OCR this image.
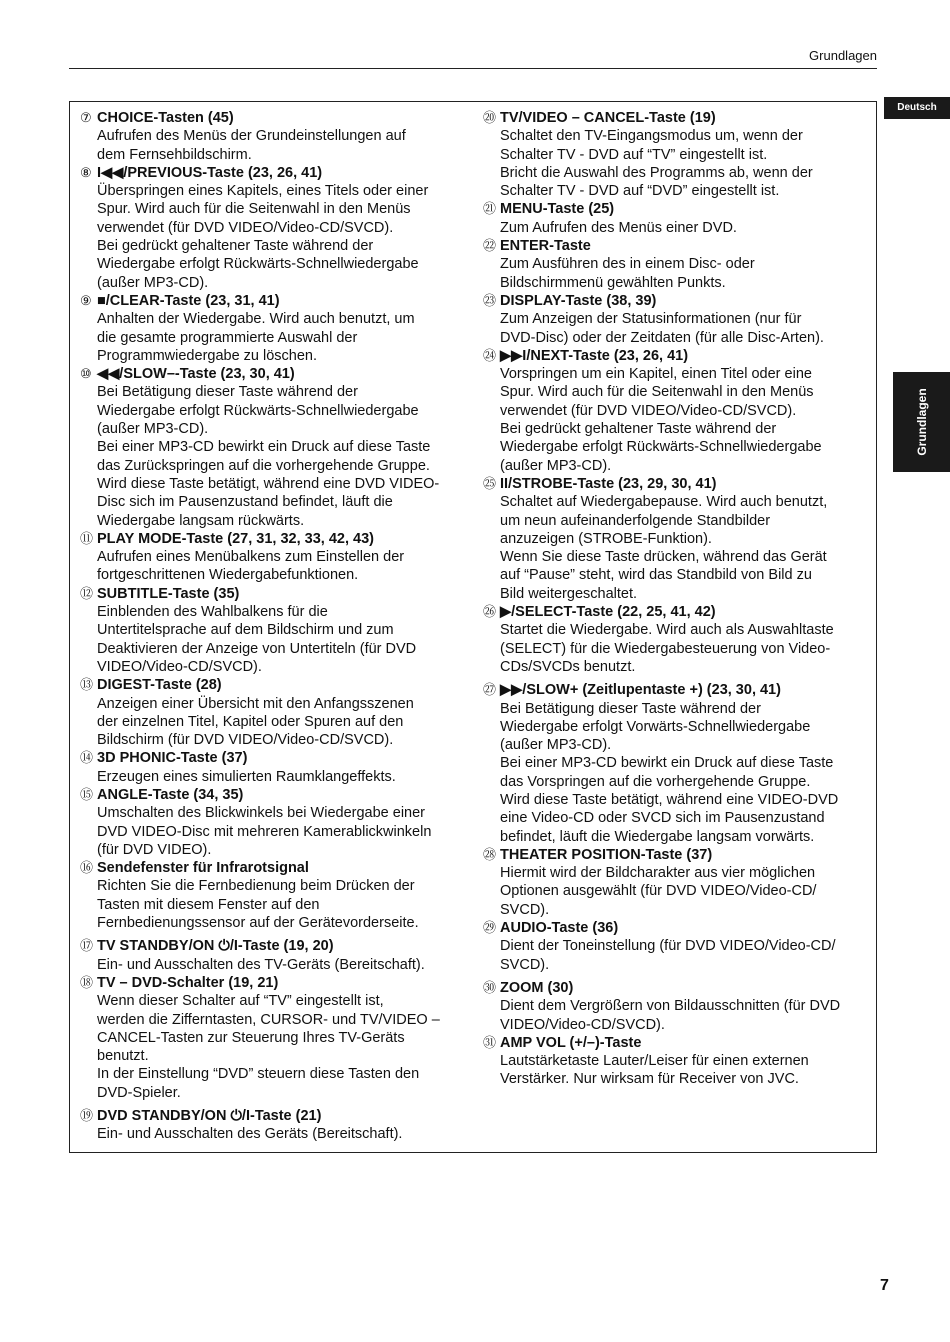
Grundlagen
Deutsch
Grundlagen
⑦ CHOICE-Tasten (45)
Aufrufen des Menüs der Grundeinstellungen auf
dem Fernsehbildschirm.
⑧ I◀◀/PREVIOUS-Taste (23, 26, 41)
Überspringen eines Kapitels, eines Titels oder einer
Spur. Wird auch für die Seitenwahl in den Menüs
verwendet (für DVD VIDEO/Video-CD/SVCD).
Bei gedrückt gehaltener Taste während der
Wiedergabe erfolgt Rückwärts-Schnellwiedergabe
(außer MP3-CD).
⑨ ■/CLEAR-Taste (23, 31, 41)
Anhalten der Wiedergabe. Wird auch benutzt, um
die gesamte programmierte Auswahl der
Programmwiedergabe zu löschen.
⑩ ◀◀/SLOW–-Taste (23, 30, 41)
Bei Betätigung dieser Taste während der
Wiedergabe erfolgt Rückwärts-Schnellwiedergabe
(außer MP3-CD).
Bei einer MP3-CD bewirkt ein Druck auf diese Taste
das Zurückspringen auf die vorhergehende Gruppe.
Wird diese Taste betätigt, während eine DVD VIDEO-
Disc sich im Pausenzustand befindet, läuft die
Wiedergabe langsam rückwärts.
⑪ PLAY MODE-Taste (27, 31, 32, 33, 42, 43)
Aufrufen eines Menübalkens zum Einstellen der
fortgeschrittenen Wiedergabefunktionen.
⑫ SUBTITLE-Taste (35)
Einblenden des Wahlbalkens für die
Untertitelsprache auf dem Bildschirm und zum
Deaktivieren der Anzeige von Untertiteln (für DVD
VIDEO/Video-CD/SVCD).
⑬ DIGEST-Taste (28)
Anzeigen einer Übersicht mit den Anfangsszenen
der einzelnen Titel, Kapitel oder Spuren auf den
Bildschirm (für DVD VIDEO/Video-CD/SVCD).
⑭ 3D PHONIC-Taste (37)
Erzeugen eines simulierten Raumklangeffekts.
⑮ ANGLE-Taste (34, 35)
Umschalten des Blickwinkels bei Wiedergabe einer
DVD VIDEO-Disc mit mehreren Kamerablickwinkeln
(für DVD VIDEO).
⑯ Sendefenster für Infrarotsignal
Richten Sie die Fernbedienung beim Drücken der
Tasten mit diesem Fenster auf den
Fernbedienungssensor auf der Gerätevorderseite.
⑰ TV STANDBY/ON ⏻/I-Taste (19, 20)
Ein- und Ausschalten des TV-Geräts (Bereitschaft).
⑱ TV – DVD-Schalter (19, 21)
Wenn dieser Schalter auf “TV” eingestellt ist,
werden die Zifferntasten, CURSOR- und TV/VIDEO –
CANCEL-Tasten zur Steuerung Ihres TV-Geräts
benutzt.
In der Einstellung “DVD” steuern diese Tasten den
DVD-Spieler.
⑲ DVD STANDBY/ON ⏻/I-Taste (21)
Ein- und Ausschalten des Geräts (Bereitschaft).
⑳ TV/VIDEO – CANCEL-Taste (19)
Schaltet den TV-Eingangsmodus um, wenn der
Schalter TV - DVD auf “TV” eingestellt ist.
Bricht die Auswahl des Programms ab, wenn der
Schalter TV - DVD auf “DVD” eingestellt ist.
㉑ MENU-Taste (25)
Zum Aufrufen des Menüs einer DVD.
㉒ ENTER-Taste
Zum Ausführen des in einem Disc- oder
Bildschirmmenü gewählten Punkts.
㉓ DISPLAY-Taste (38, 39)
Zum Anzeigen der Statusinformationen (nur für
DVD-Disc) oder der Zeitdaten (für alle Disc-Arten).
㉔ ▶▶I/NEXT-Taste (23, 26, 41)
Vorspringen um ein Kapitel, einen Titel oder eine
Spur. Wird auch für die Seitenwahl in den Menüs
verwendet (für DVD VIDEO/Video-CD/SVCD).
Bei gedrückt gehaltener Taste während der
Wiedergabe erfolgt Rückwärts-Schnellwiedergabe
(außer MP3-CD).
㉕ II/STROBE-Taste (23, 29, 30, 41)
Schaltet auf Wiedergabepause. Wird auch benutzt,
um neun aufeinanderfolgende Standbilder
anzuzeigen (STROBE-Funktion).
Wenn Sie diese Taste drücken, während das Gerät
auf “Pause” steht, wird das Standbild von Bild zu
Bild weitergeschaltet.
㉖ ▶/SELECT-Taste (22, 25, 41, 42)
Startet die Wiedergabe. Wird auch als Auswahltaste
(SELECT) für die Wiedergabesteuerung von Video-
CDs/SVCDs benutzt.
㉗ ▶▶/SLOW+ (Zeitlupentaste +) (23, 30, 41)
Bei Betätigung dieser Taste während der
Wiedergabe erfolgt Vorwärts-Schnellwiedergabe
(außer MP3-CD).
Bei einer MP3-CD bewirkt ein Druck auf diese Taste
das Vorspringen auf die vorhergehende Gruppe.
Wird diese Taste betätigt, während eine VIDEO-DVD
eine Video-CD oder SVCD sich im Pausenzustand
befindet, läuft die Wiedergabe langsam vorwärts.
㉘ THEATER POSITION-Taste (37)
Hiermit wird der Bildcharakter aus vier möglichen
Optionen ausgewählt (für DVD VIDEO/Video-CD/
SVCD).
㉙ AUDIO-Taste (36)
Dient der Toneinstellung (für DVD VIDEO/Video-CD/
SVCD).
㉚ ZOOM (30)
Dient dem Vergrößern von Bildausschnitten (für DVD
VIDEO/Video-CD/SVCD).
㉛ AMP VOL (+/–)-Taste
Lautstärketaste Lauter/Leiser für einen externen
Verstärker. Nur wirksam für Receiver von JVC.
7
